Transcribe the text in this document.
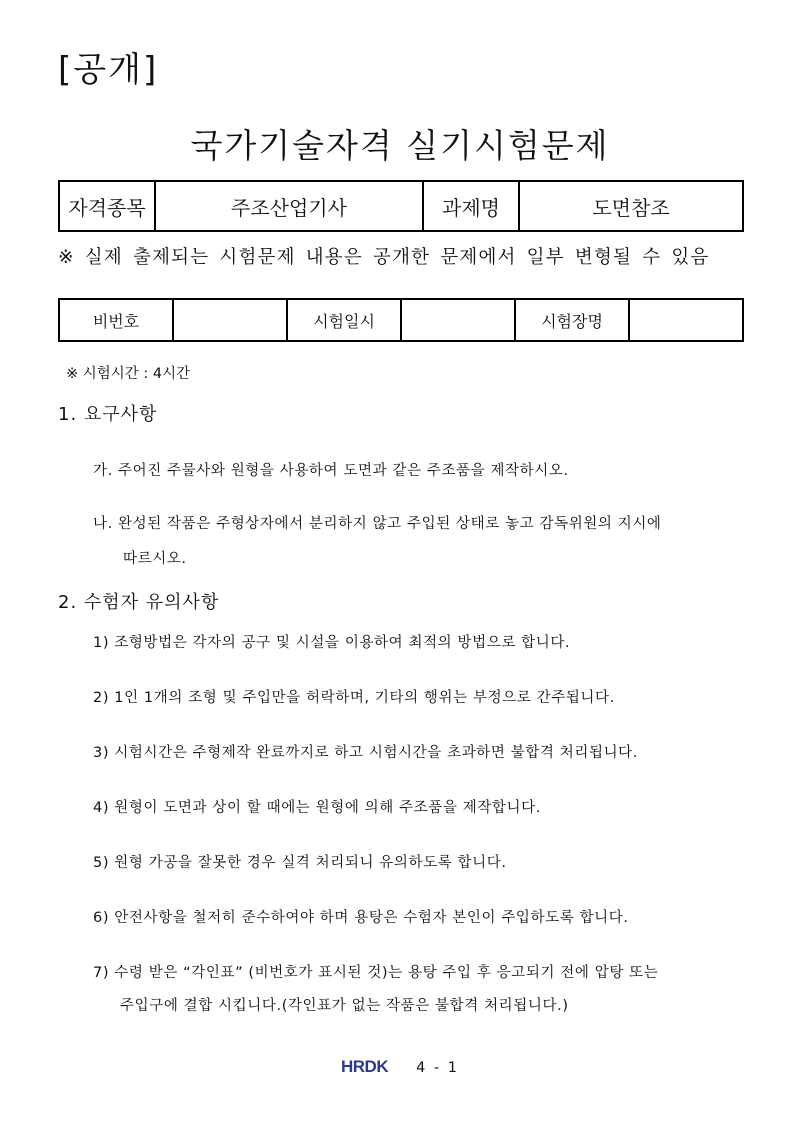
[공개]
국가기술자격 실기시험문제
자격종목	주조산업기사	과제명	도면참조
※ 실제 출제되는 시험문제 내용은 공개한 문제에서 일부 변형될 수 있음
비번호		시험일시		시험장명	
※ 시험시간 : 4시간
1. 요구사항
가. 주어진 주물사와 원형을 사용하여 도면과 같은 주조품을 제작하시오.
나. 완성된 작품은 주형상자에서 분리하지 않고 주입된 상태로 놓고 감독위원의 지시에
따르시오.
2. 수험자 유의사항
1) 조형방법은 각자의 공구 및 시설을 이용하여 최적의 방법으로 합니다.
2) 1인 1개의 조형 및 주입만을 허락하며, 기타의 행위는 부정으로 간주됩니다.
3) 시험시간은 주형제작 완료까지로 하고 시험시간을 초과하면 불합격 처리됩니다.
4) 원형이 도면과 상이 할 때에는 원형에 의해 주조품을 제작합니다.
5) 원형 가공을 잘못한 경우 실격 처리되니 유의하도록 합니다.
6) 안전사항을 철저히 준수하여야 하며 용탕은 수험자 본인이 주입하도록 합니다.
7) 수령 받은 “각인표” (비번호가 표시된 것)는 용탕 주입 후 응고되기 전에 압탕 또는
주입구에 결합 시킵니다.(각인표가 없는 작품은 불합격 처리됩니다.)
HRDK 4 - 1
